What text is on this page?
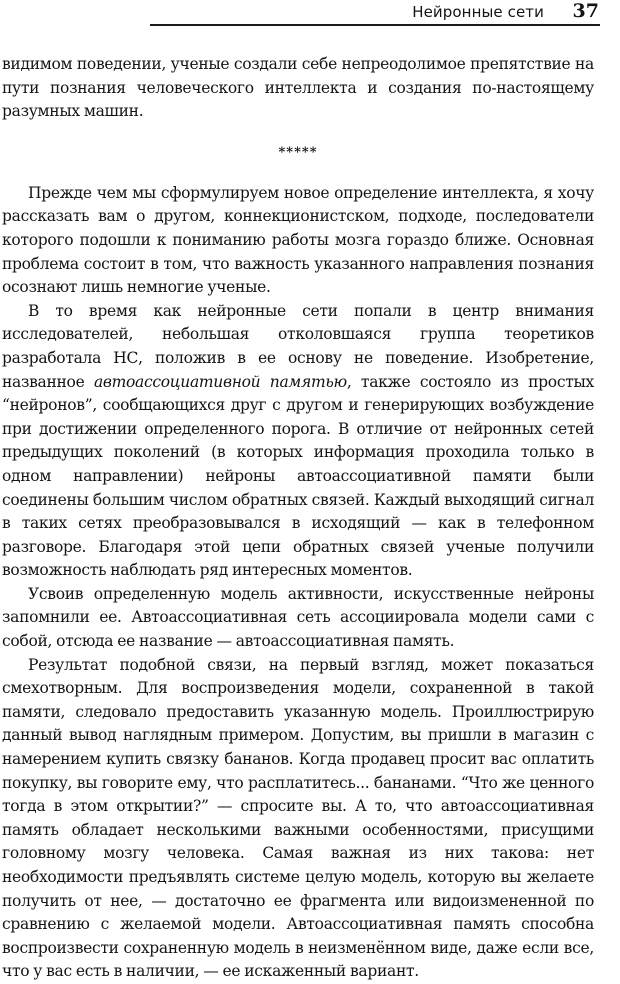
Нейронные сети 37

видимом поведении, ученые создали себе непреодолимое препятствие на пути познания человеческого интеллекта и создания по-настоящему разумных машин.

*****

Прежде чем мы сформулируем новое определение интеллекта, я хочу рассказать вам о другом, коннекционистском, подходе, последователи которого подошли к пониманию работы мозга гораздо ближе. Основная проблема состоит в том, что важность указанного направления познания осознают лишь немногие ученые.

В то время как нейронные сети попали в центр внимания исследователей, небольшая отколовшаяся группа теоретиков разработала НС, положив в ее основу не поведение. Изобретение, названное автоассоциативной памятью, также состояло из простых “нейронов”, сообщающихся друг с другом и генерирующих возбуждение при достижении определенного порога. В отличие от нейронных сетей предыдущих поколений (в которых информация проходила только в одном направлении) нейроны автоассоциативной памяти были соединены большим числом обратных связей. Каждый выходящий сигнал в таких сетях преобразовывался в исходящий — как в телефонном разговоре. Благодаря этой цепи обратных связей ученые получили возможность наблюдать ряд интересных моментов.

Усвоив определенную модель активности, искусственные нейроны запомнили ее. Автоассоциативная сеть ассоциировала модели сами с собой, отсюда ее название — автоассоциативная память.

Результат подобной связи, на первый взгляд, может показаться смехотворным. Для воспроизведения модели, сохраненной в такой памяти, следовало предоставить указанную модель. Проиллюстрирую данный вывод наглядным примером. Допустим, вы пришли в магазин с намерением купить связку бананов. Когда продавец просит вас оплатить покупку, вы говорите ему, что расплатитесь... бананами. “Что же ценного тогда в этом открытии?” — спросите вы. А то, что автоассоциативная память обладает несколькими важными особенностями, присущими головному мозгу человека. Самая важная из них такова: нет необходимости предъявлять системе целую модель, которую вы желаете получить от нее, — достаточно ее фрагмента или видоизмененной по сравнению с желаемой модели. Автоассоциативная память способна воспроизвести сохраненную модель в неизменённом виде, даже если все, что у вас есть в наличии, — ее искаженный вариант.
